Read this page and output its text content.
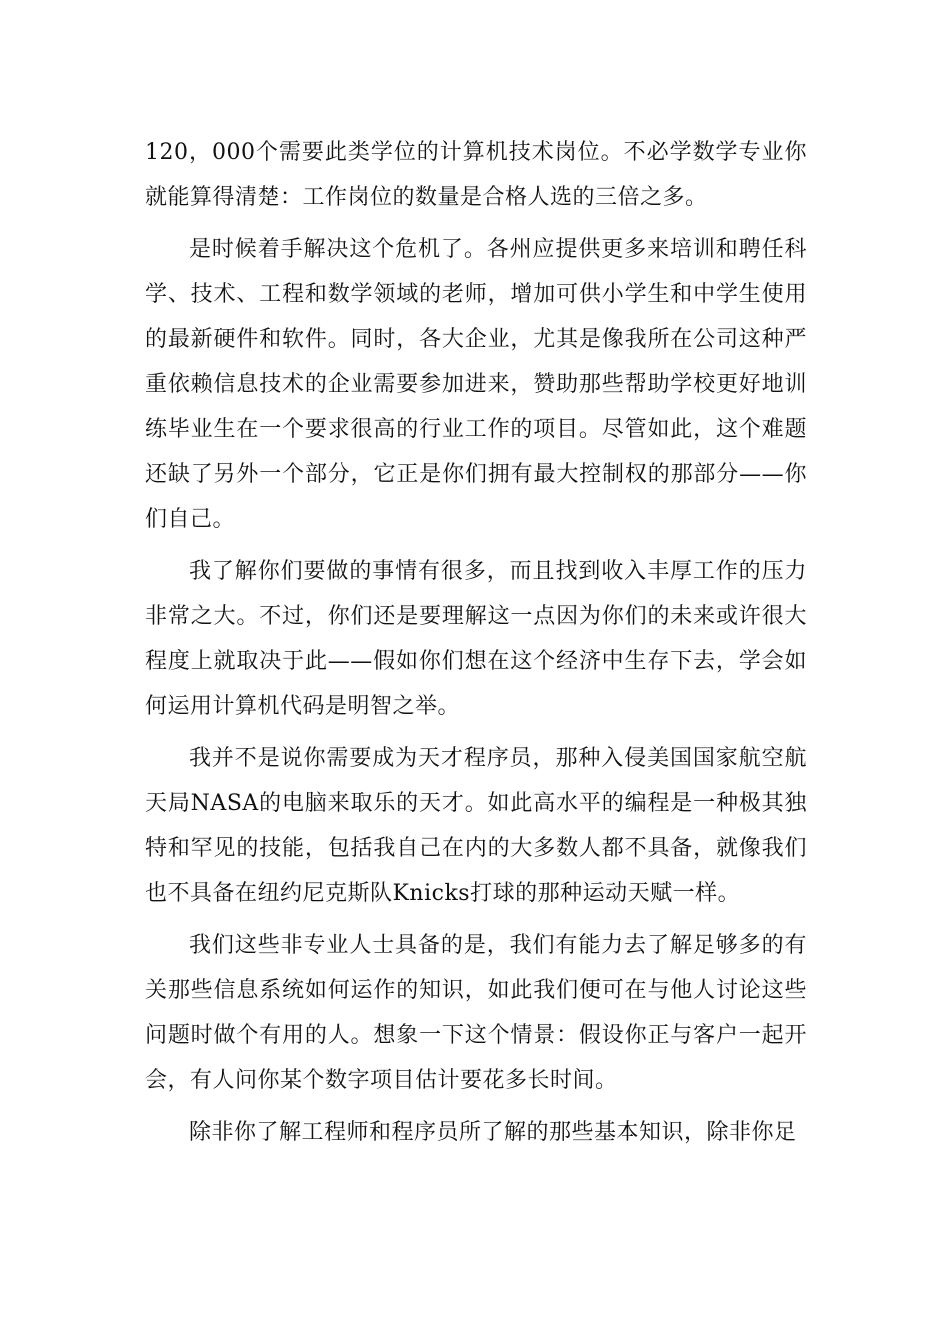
120，000个需要此类学位的计算机技术岗位。不必学数学专业你就能算得清楚：工作岗位的数量是合格人选的三倍之多。

是时候着手解决这个危机了。各州应提供更多来培训和聘任科学、技术、工程和数学领域的老师，增加可供小学生和中学生使用的最新硬件和软件。同时，各大企业，尤其是像我所在公司这种严重依赖信息技术的企业需要参加进来，赞助那些帮助学校更好地训练毕业生在一个要求很高的行业工作的项目。尽管如此，这个难题还缺了另外一个部分，它正是你们拥有最大控制权的那部分——你们自己。

我了解你们要做的事情有很多，而且找到收入丰厚工作的压力非常之大。不过，你们还是要理解这一点因为你们的未来或许很大程度上就取决于此——假如你们想在这个经济中生存下去，学会如何运用计算机代码是明智之举。

我并不是说你需要成为天才程序员，那种入侵美国国家航空航天局NASA的电脑来取乐的天才。如此高水平的编程是一种极其独特和罕见的技能，包括我自己在内的大多数人都不具备，就像我们也不具备在纽约尼克斯队Knicks打球的那种运动天赋一样。

我们这些非专业人士具备的是，我们有能力去了解足够多的有关那些信息系统如何运作的知识，如此我们便可在与他人讨论这些问题时做个有用的人。想象一下这个情景：假设你正与客户一起开会，有人问你某个数字项目估计要花多长时间。

除非你了解工程师和程序员所了解的那些基本知识，除非你足
